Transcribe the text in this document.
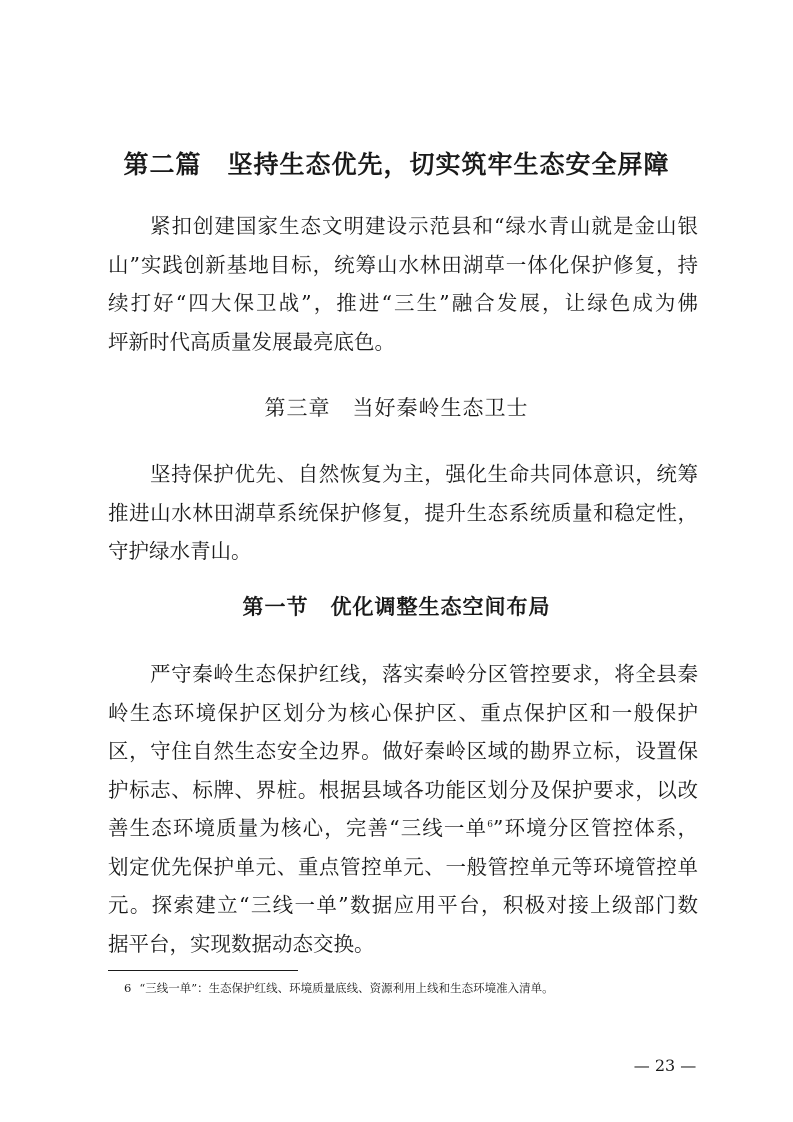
第二篇　坚持生态优先，切实筑牢生态安全屏障
紧扣创建国家生态文明建设示范县和“绿水青山就是金山银
山”实践创新基地目标，统筹山水林田湖草一体化保护修复，持
续打好“四大保卫战”，推进“三生”融合发展，让绿色成为佛
坪新时代高质量发展最亮底色。
第三章　当好秦岭生态卫士
坚持保护优先、自然恢复为主，强化生命共同体意识，统筹
推进山水林田湖草系统保护修复，提升生态系统质量和稳定性，
守护绿水青山。
第一节　优化调整生态空间布局
严守秦岭生态保护红线，落实秦岭分区管控要求，将全县秦
岭生态环境保护区划分为核心保护区、重点保护区和一般保护
区，守住自然生态安全边界。做好秦岭区域的勘界立标，设置保
护标志、标牌、界桩。根据县域各功能区划分及保护要求，以改
善生态环境质量为核心，完善“三线一单$^6$”环境分区管控体系，
划定优先保护单元、重点管控单元、一般管控单元等环境管控单
元。探索建立“三线一单”数据应用平台，积极对接上级部门数
据平台，实现数据动态交换。
6 “三线一单”：生态保护红线、环境质量底线、资源利用上线和生态环境准入清单。
— 23 —
